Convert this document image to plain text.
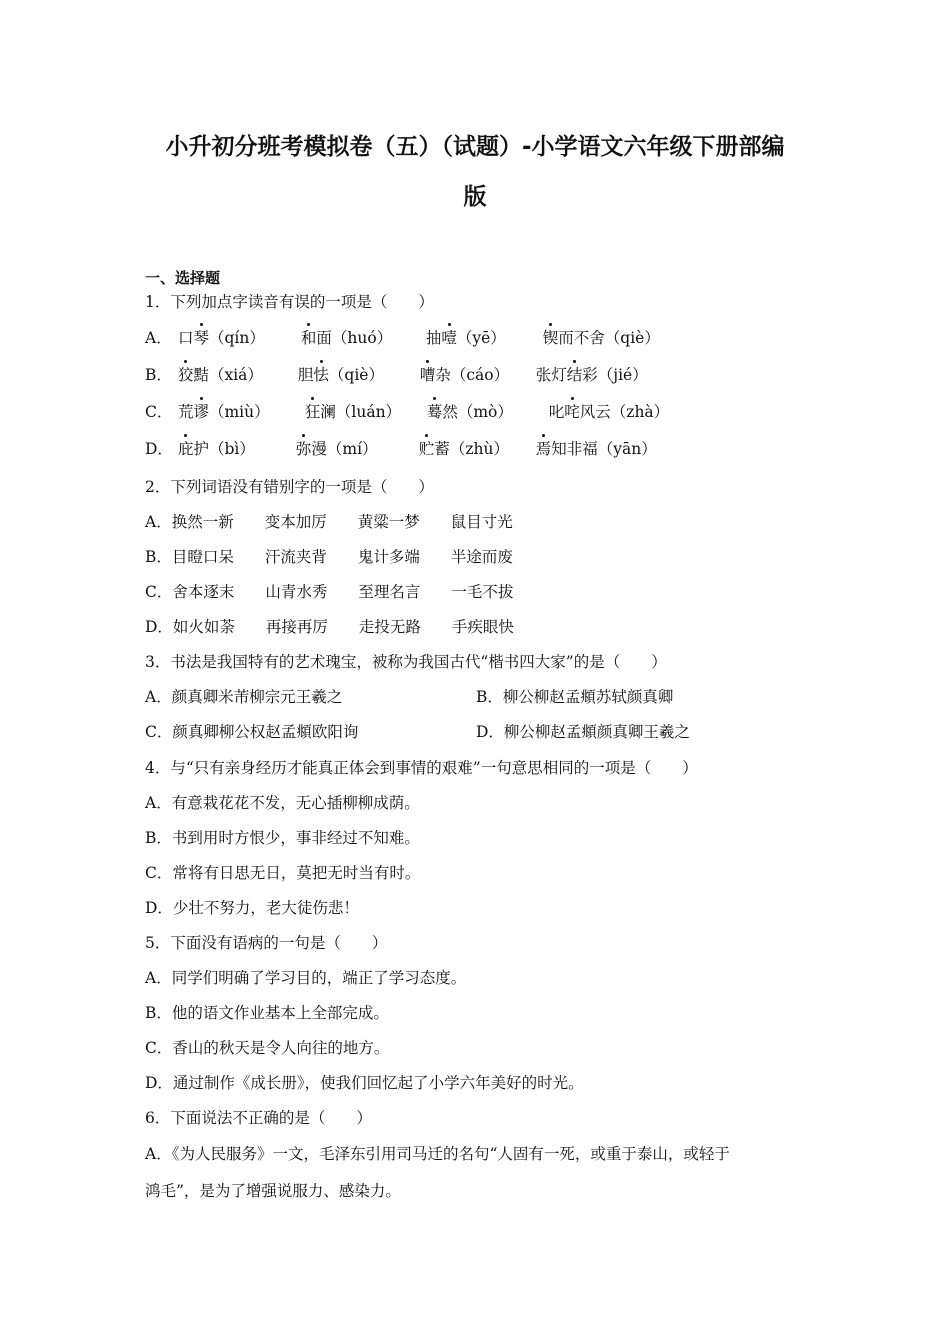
小升初分班考模拟卷（五）（试题）-小学语文六年级下册部编
版
一、选择题
1．下列加点字读音有误的一项是（　　）
A． 口琴（qín） 和面（huó） 抽噎（yē） 锲而不舍（qiè）
B． 狡黠（xiá） 胆怯（qiè） 嘈杂（cáo） 张灯结彩（jié）
C． 荒谬（miù） 狂澜（luán） 蓦然（mò） 叱咤风云（zhà）
D． 庇护（bì）	弥漫（mí）	贮蓄（zhù） 焉知非福（yān）
2．下列词语没有错别字的一项是（　　）
A．换然一新　　变本加厉　　黄粱一梦　　鼠目寸光
B．目瞪口呆　　汗流夹背　　鬼计多端　　半途而废
C．舍本逐末　　山青水秀　　至理名言　　一毛不拔
D．如火如荼　　再接再厉　　走投无路　　手疾眼快
3．书法是我国特有的艺术瑰宝，被称为我国古代“楷书四大家”的是（　　）
A．颜真卿米芾柳宗元王羲之	B．柳公柳赵孟頫苏轼颜真卿
C．颜真卿柳公权赵孟頫欧阳询	D．柳公柳赵孟頫颜真卿王羲之
4．与“只有亲身经历才能真正体会到事情的艰难”一句意思相同的一项是（　　）
A．有意栽花花不发，无心插柳柳成荫。
B．书到用时方恨少，事非经过不知难。
C．常将有日思无日，莫把无时当有时。
D．少壮不努力，老大徒伤悲！
5．下面没有语病的一句是（　　）
A．同学们明确了学习目的，端正了学习态度。
B．他的语文作业基本上全部完成。
C．香山的秋天是令人向往的地方。
D．通过制作《成长册》，使我们回忆起了小学六年美好的时光。
6．下面说法不正确的是（　　）
A．《为人民服务》一文，毛泽东引用司马迁的名句“人固有一死，或重于泰山，或轻于
鸿毛”，是为了增强说服力、感染力。
